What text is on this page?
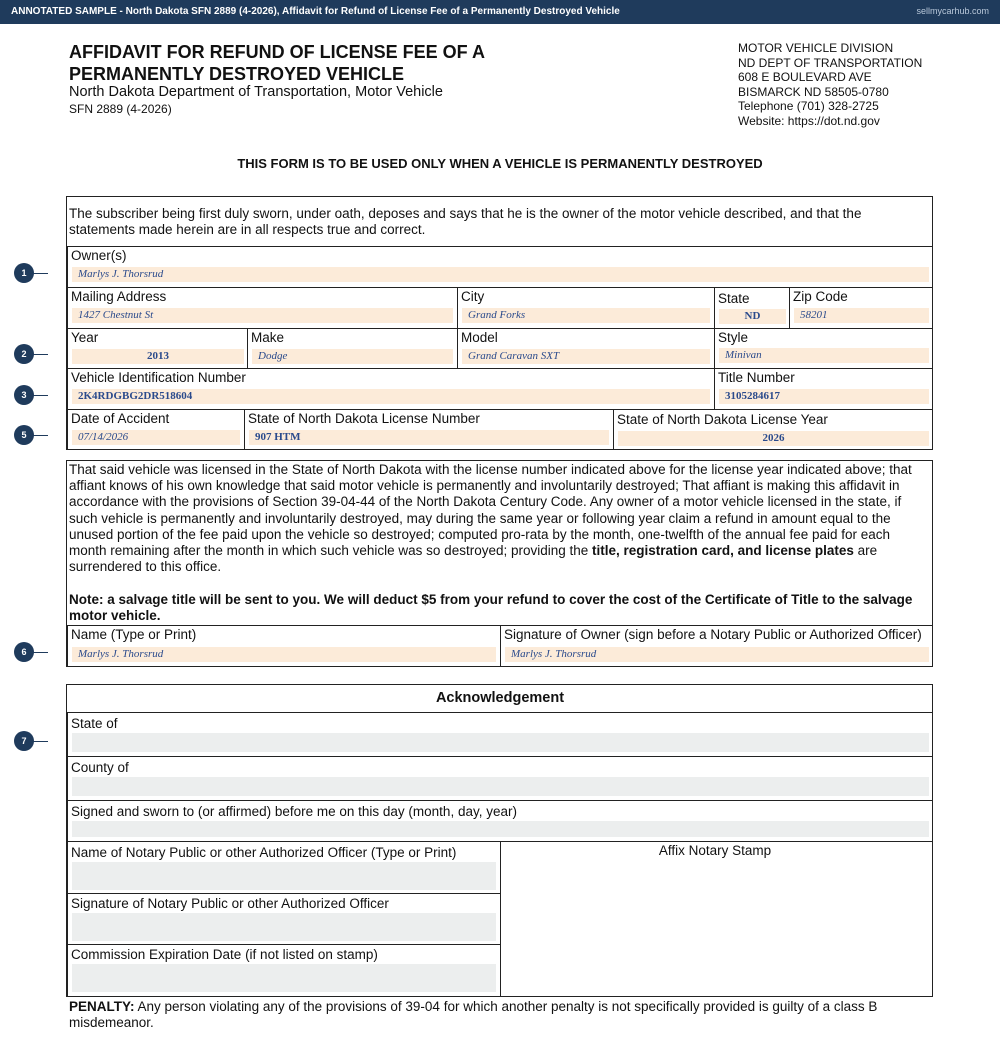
ANNOTATED SAMPLE - North Dakota SFN 2889 (4-2026), Affidavit for Refund of License Fee of a Permanently Destroyed Vehicle	sellmycarhub.com
AFFIDAVIT FOR REFUND OF LICENSE FEE OF A
PERMANENTLY DESTROYED VEHICLE
North Dakota Department of Transportation, Motor Vehicle
SFN 2889 (4-2026)
MOTOR VEHICLE DIVISION
ND DEPT OF TRANSPORTATION
608 E BOULEVARD AVE
BISMARCK ND 58505-0780
Telephone (701) 328-2725
Website: https://dot.nd.gov
THIS FORM IS TO BE USED ONLY WHEN A VEHICLE IS PERMANENTLY DESTROYED
The subscriber being first duly sworn, under oath, deposes and says that he is the owner of the motor vehicle described, and that the statements made herein are in all respects true and correct.
Owner(s)
Marlys J. Thorsrud
Mailing Address
1427 Chestnut St
City
Grand Forks
State
ND
Zip Code
58201
Year
2013
Make
Dodge
Model
Grand Caravan SXT
Style
Minivan
Vehicle Identification Number
2K4RDGBG2DR518604
Title Number
3105284617
Date of Accident
07/14/2026
State of North Dakota License Number
907 HTM
State of North Dakota License Year
2026
That said vehicle was licensed in the State of North Dakota with the license number indicated above for the license year indicated above; that affiant knows of his own knowledge that said motor vehicle is permanently and involuntarily destroyed; That affiant is making this affidavit in accordance with the provisions of Section 39-04-44 of the North Dakota Century Code. Any owner of a motor vehicle licensed in the state, if such vehicle is permanently and involuntarily destroyed, may during the same year or following year claim a refund in amount equal to the unused portion of the fee paid upon the vehicle so destroyed; computed pro-rata by the month, one-twelfth of the annual fee paid for each month remaining after the month in which such vehicle was so destroyed; providing the title, registration card, and license plates are surrendered to this office.
Note: a salvage title will be sent to you. We will deduct $5 from your refund to cover the cost of the Certificate of Title to the salvage motor vehicle.
Name (Type or Print)
Marlys J. Thorsrud
Signature of Owner (sign before a Notary Public or Authorized Officer)
Marlys J. Thorsrud
Acknowledgement
State of
County of
Signed and sworn to (or affirmed) before me on this day (month, day, year)
Name of Notary Public or other Authorized Officer (Type or Print)
Signature of Notary Public or other Authorized Officer
Commission Expiration Date (if not listed on stamp)
Affix Notary Stamp
PENALTY: Any person violating any of the provisions of 39-04 for which another penalty is not specifically provided is guilty of a class B misdemeanor.
1
2
3
5
6
7
